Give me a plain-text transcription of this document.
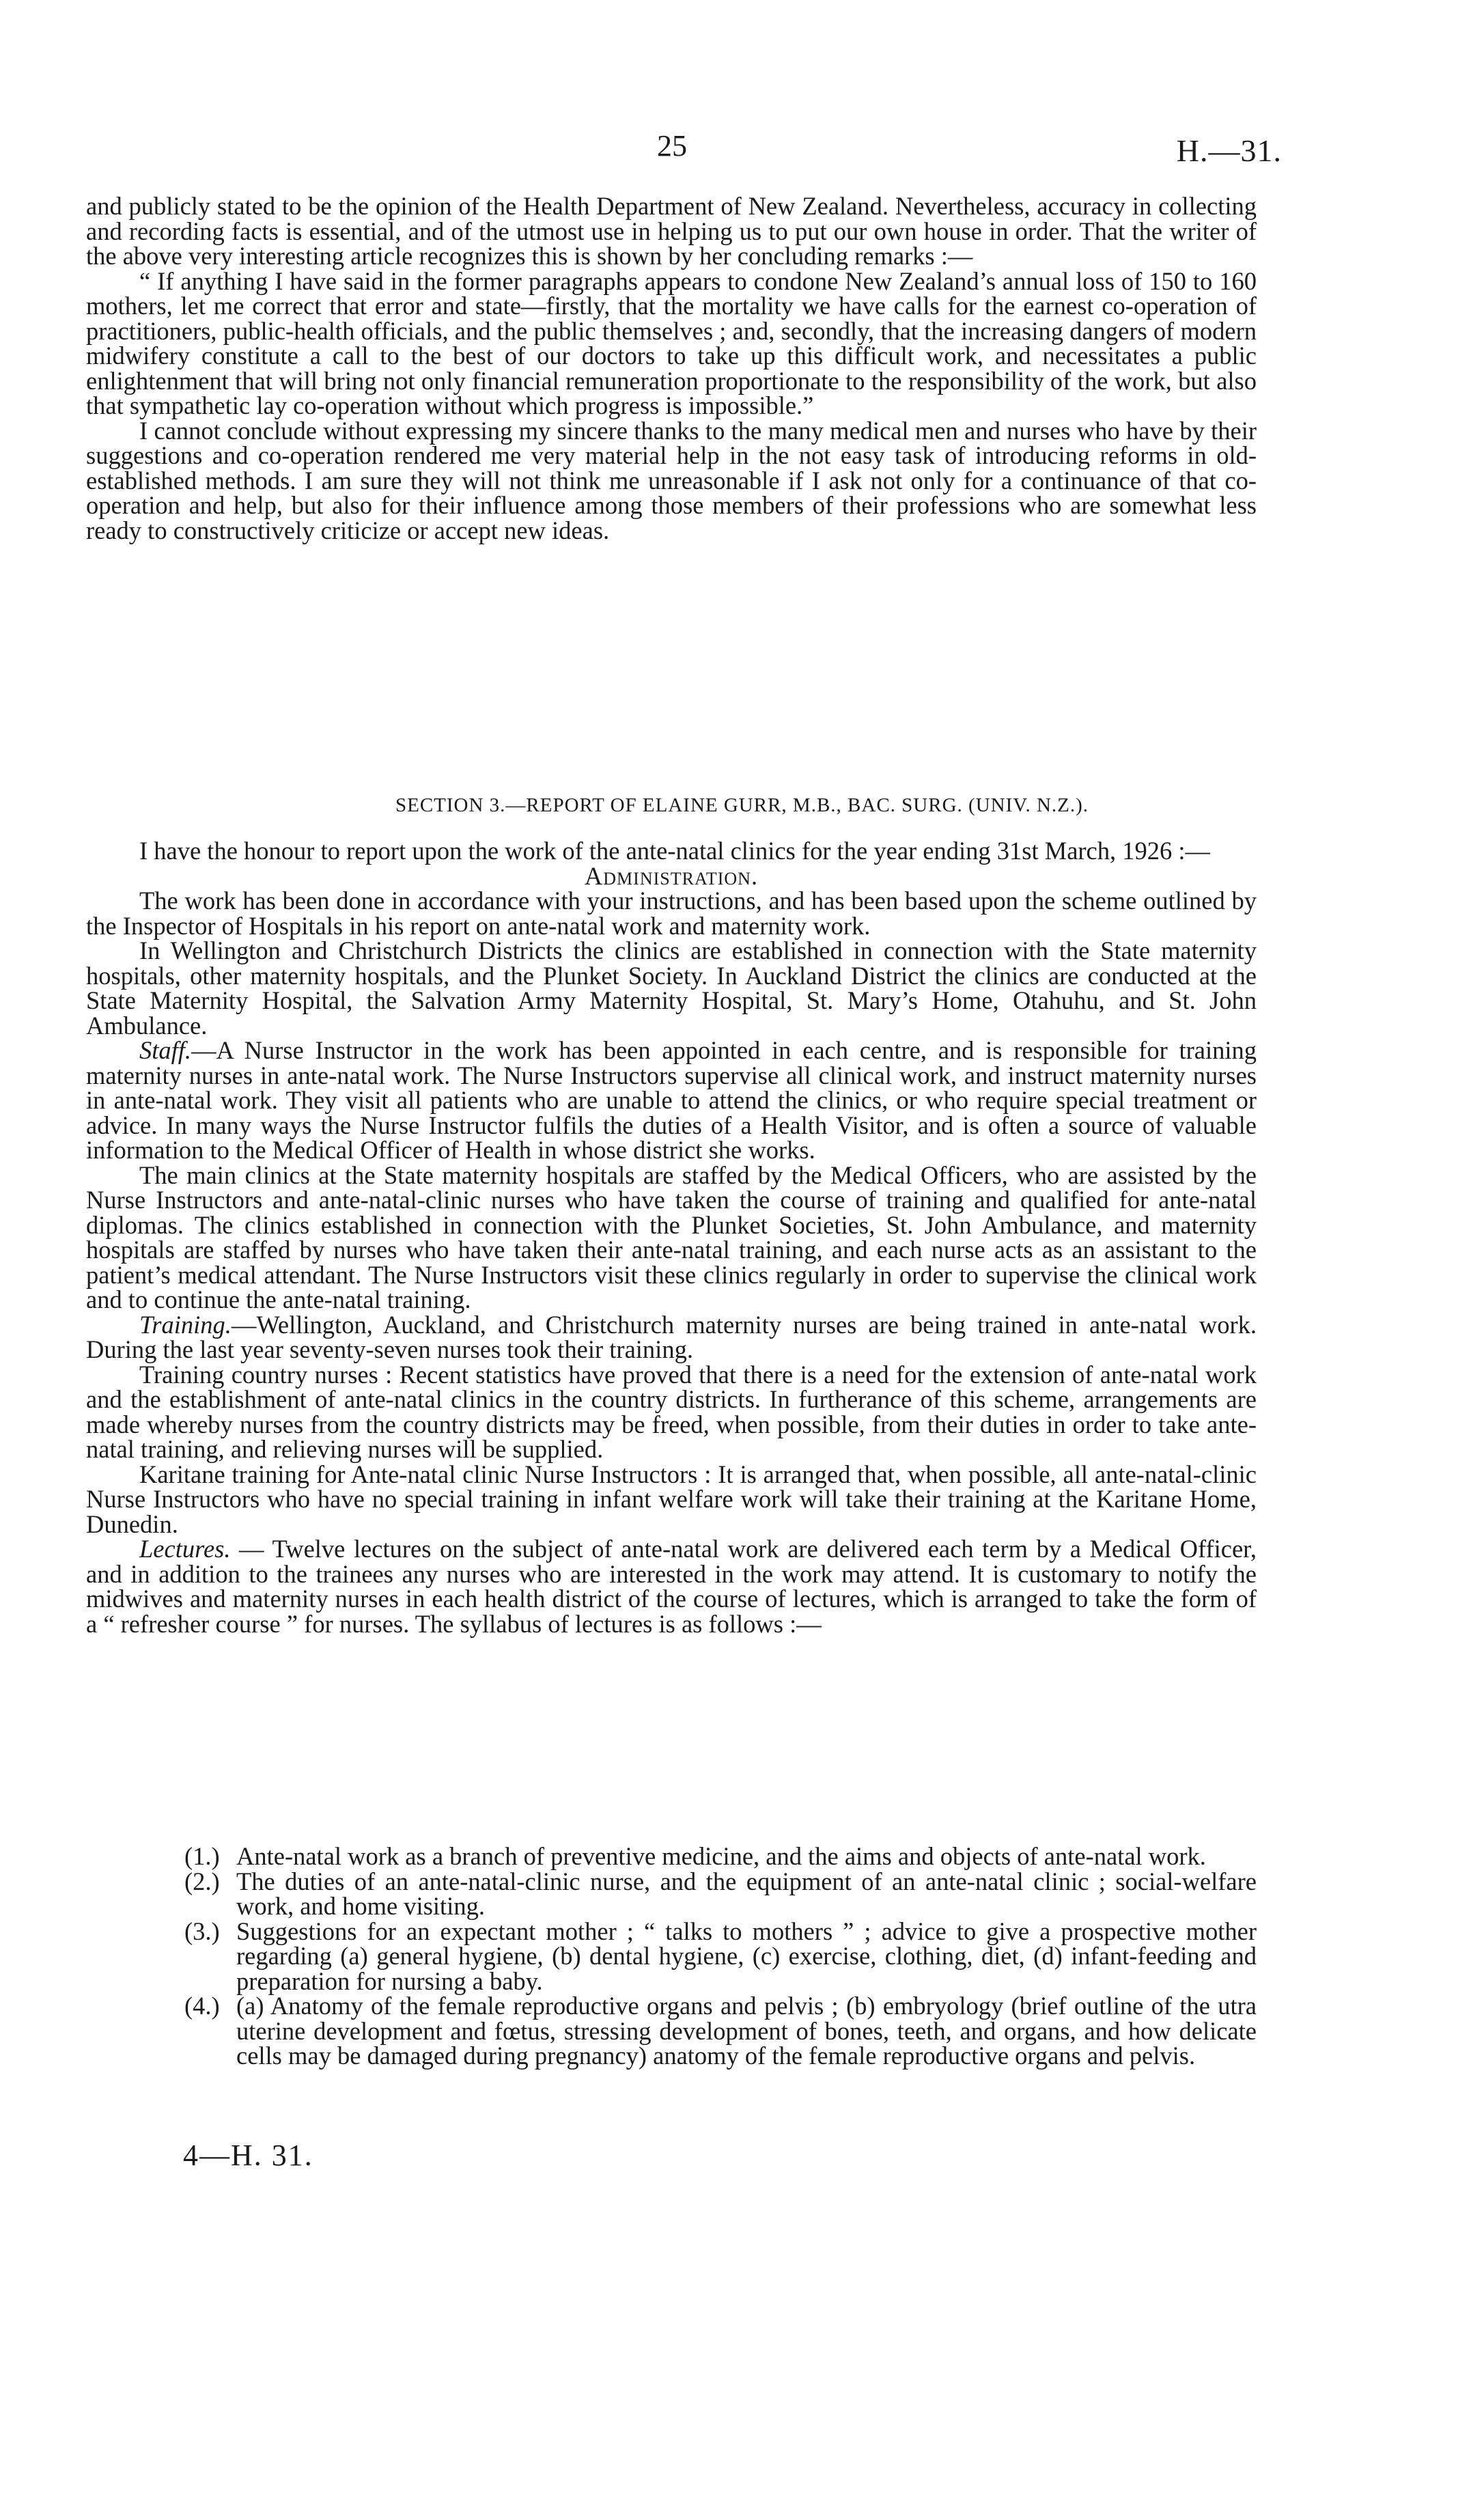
25	H.—31.

and publicly stated to be the opinion of the Health Department of New Zealand. Nevertheless, accuracy in collecting and recording facts is essential, and of the utmost use in helping us to put our own house in order. That the writer of the above very interesting article recognizes this is shown by her concluding remarks :—

“ If anything I have said in the former paragraphs appears to condone New Zealand’s annual loss of 150 to 160 mothers, let me correct that error and state—firstly, that the mortality we have calls for the earnest co-operation of practitioners, public-health officials, and the public themselves ; and, secondly, that the increasing dangers of modern midwifery constitute a call to the best of our doctors to take up this difficult work, and necessitates a public enlightenment that will bring not only financial remuneration proportionate to the responsibility of the work, but also that sympathetic lay co-operation without which progress is impossible.”

I cannot conclude without expressing my sincere thanks to the many medical men and nurses who have by their suggestions and co-operation rendered me very material help in the not easy task of introducing reforms in old-established methods. I am sure they will not think me unreasonable if I ask not only for a continuance of that co-operation and help, but also for their influence among those members of their professions who are somewhat less ready to constructively criticize or accept new ideas.

SECTION 3.—REPORT OF ELAINE GURR, M.B., BAC. SURG. (UNIV. N.Z.).

I have the honour to report upon the work of the ante-natal clinics for the year ending 31st March, 1926 :—

Administration.

The work has been done in accordance with your instructions, and has been based upon the scheme outlined by the Inspector of Hospitals in his report on ante-natal work and maternity work.

In Wellington and Christchurch Districts the clinics are established in connection with the State maternity hospitals, other maternity hospitals, and the Plunket Society. In Auckland District the clinics are conducted at the State Maternity Hospital, the Salvation Army Maternity Hospital, St. Mary’s Home, Otahuhu, and St. John Ambulance.

Staff.—A Nurse Instructor in the work has been appointed in each centre, and is responsible for training maternity nurses in ante-natal work. The Nurse Instructors supervise all clinical work, and instruct maternity nurses in ante-natal work. They visit all patients who are unable to attend the clinics, or who require special treatment or advice. In many ways the Nurse Instructor fulfils the duties of a Health Visitor, and is often a source of valuable information to the Medical Officer of Health in whose district she works.

The main clinics at the State maternity hospitals are staffed by the Medical Officers, who are assisted by the Nurse Instructors and ante-natal-clinic nurses who have taken the course of training and qualified for ante-natal diplomas. The clinics established in connection with the Plunket Societies, St. John Ambulance, and maternity hospitals are staffed by nurses who have taken their ante-natal training, and each nurse acts as an assistant to the patient’s medical attendant. The Nurse Instructors visit these clinics regularly in order to supervise the clinical work and to continue the ante-natal training.

Training.—Wellington, Auckland, and Christchurch maternity nurses are being trained in ante-natal work. During the last year seventy-seven nurses took their training.

Training country nurses : Recent statistics have proved that there is a need for the extension of ante-natal work and the establishment of ante-natal clinics in the country districts. In furtherance of this scheme, arrangements are made whereby nurses from the country districts may be freed, when possible, from their duties in order to take ante-natal training, and relieving nurses will be supplied.

Karitane training for Ante-natal clinic Nurse Instructors : It is arranged that, when possible, all ante-natal-clinic Nurse Instructors who have no special training in infant welfare work will take their training at the Karitane Home, Dunedin.

Lectures. — Twelve lectures on the subject of ante-natal work are delivered each term by a Medical Officer, and in addition to the trainees any nurses who are interested in the work may attend. It is customary to notify the midwives and maternity nurses in each health district of the course of lectures, which is arranged to take the form of a “ refresher course ” for nurses. The syllabus of lectures is as follows :—

(1.) Ante-natal work as a branch of preventive medicine, and the aims and objects of ante-natal work.
(2.) The duties of an ante-natal-clinic nurse, and the equipment of an ante-natal clinic ; social-welfare work, and home visiting.
(3.) Suggestions for an expectant mother ; “ talks to mothers ” ; advice to give a prospective mother regarding (a) general hygiene, (b) dental hygiene, (c) exercise, clothing, diet, (d) infant-feeding and preparation for nursing a baby.
(4.) (a) Anatomy of the female reproductive organs and pelvis ; (b) embryology (brief outline of the utra uterine development and fœtus, stressing development of bones, teeth, and organs, and how delicate cells may be damaged during pregnancy) anatomy of the female reproductive organs and pelvis.
4—H. 31.
